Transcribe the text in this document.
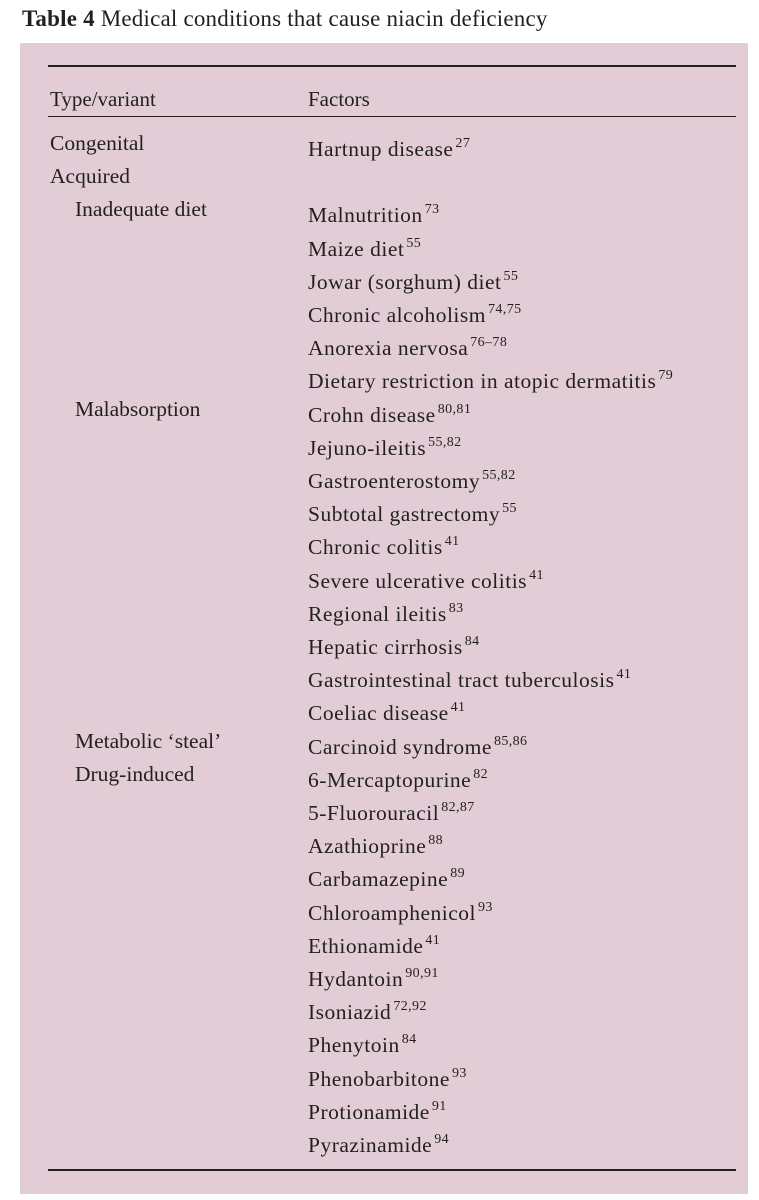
Table 4 Medical conditions that cause niacin deficiency
Type/variant	Factors
Congenital	Hartnup disease $^{27}$
Acquired
Inadequate diet	Malnutrition $^{73}$
Maize diet $^{55}$
Jowar (sorghum) diet $^{55}$
Chronic alcoholism $^{74,75}$
Anorexia nervosa $^{76-78}$
Dietary restriction in atopic dermatitis $^{79}$
Malabsorption	Crohn disease $^{80,81}$
Jejuno-ileitis $^{55,82}$
Gastroenterostomy $^{55,82}$
Subtotal gastrectomy $^{55}$
Chronic colitis $^{41}$
Severe ulcerative colitis $^{41}$
Regional ileitis $^{83}$
Hepatic cirrhosis $^{84}$
Gastrointestinal tract tuberculosis $^{41}$
Coeliac disease $^{41}$
Metabolic ‘steal’	Carcinoid syndrome $^{85,86}$
Drug-induced	6-Mercaptopurine $^{82}$
5-Fluorouracil $^{82,87}$
Azathioprine $^{88}$
Carbamazepine $^{89}$
Chloroamphenicol $^{93}$
Ethionamide $^{41}$
Hydantoin $^{90,91}$
Isoniazid $^{72,92}$
Phenytoin $^{84}$
Phenobarbitone $^{93}$
Protionamide $^{91}$
Pyrazinamide $^{94}$
